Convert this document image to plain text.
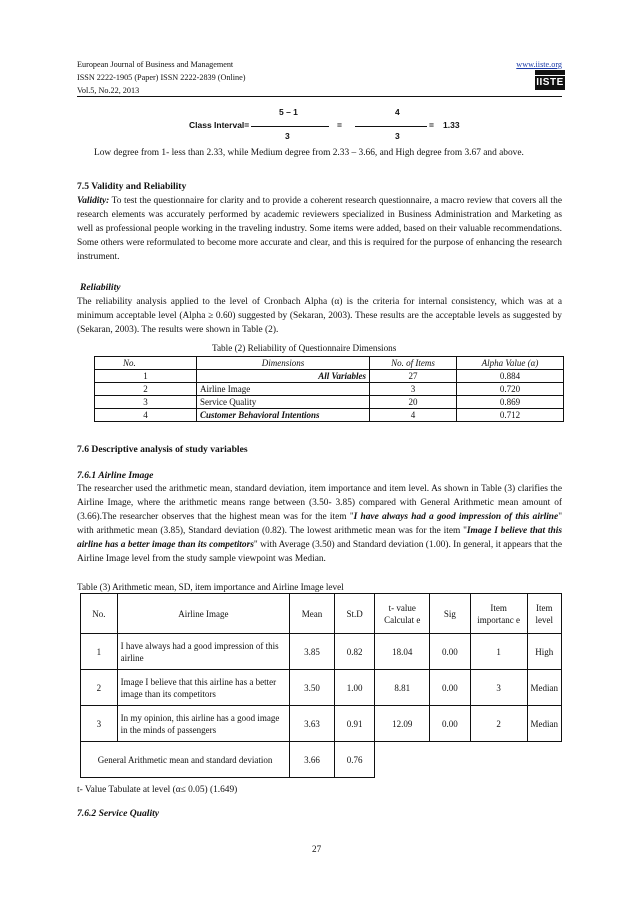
European Journal of Business and Management
ISSN 2222-1905 (Paper) ISSN 2222-2839 (Online)
Vol.5, No.22, 2013
www.iiste.org
IISTE
Class Interval=
5 – 1
3
=
4
3
= 1.33
Low degree from 1- less than 2.33, while Medium degree from 2.33 – 3.66, and High degree from 3.67 and above.
7.5 Validity and Reliability
Validity: To test the questionnaire for clarity and to provide a coherent research questionnaire, a macro review that covers all the research elements was accurately performed by academic reviewers specialized in Business Administration and Marketing as well as professional people working in the traveling industry. Some items were added, based on their valuable recommendations. Some others were reformulated to become more accurate and clear, and this is required for the purpose of enhancing the research instrument.
Reliability
The reliability analysis applied to the level of Cronbach Alpha (α) is the criteria for internal consistency, which was at a minimum acceptable level (Alpha ≥ 0.60) suggested by (Sekaran, 2003). These results are the acceptable levels as suggested by (Sekaran, 2003). The results were shown in Table (2).
Table (2) Reliability of Questionnaire Dimensions
No.	Dimensions	No. of Items	Alpha Value (α)
1	All Variables	27	0.884
2	Airline Image	3	0.720
3	Service Quality	20	0.869
4	Customer Behavioral Intentions	4	0.712
7.6 Descriptive analysis of study variables
7.6.1 Airline Image
The researcher used the arithmetic mean, standard deviation, item importance and item level. As shown in Table (3) clarifies the Airline Image, where the arithmetic means range between (3.50- 3.85) compared with General Arithmetic mean amount of (3.66).The researcher observes that the highest mean was for the item "I have always had a good impression of this airline" with arithmetic mean (3.85), Standard deviation (0.82). The lowest arithmetic mean was for the item "Image I believe that this airline has a better image than its competitors" with Average (3.50) and Standard deviation (1.00). In general, it appears that the Airline Image level from the study sample viewpoint was Median.
Table (3) Arithmetic mean, SD, item importance and Airline Image level
No.	Airline Image	Mean	St.D	t- value Calculat e	Sig	Item importanc e	Item level
1	I have always had a good impression of this airline	3.85	0.82	18.04	0.00	1	High
2	Image I believe that this airline has a better image than its competitors	3.50	1.00	8.81	0.00	3	Median
3	In my opinion, this airline has a good image in the minds of passengers	3.63	0.91	12.09	0.00	2	Median
General Arithmetic mean and standard deviation		3.66	0.76				
t- Value Tabulate at level (α≤ 0.05) (1.649)
7.6.2 Service Quality
27
